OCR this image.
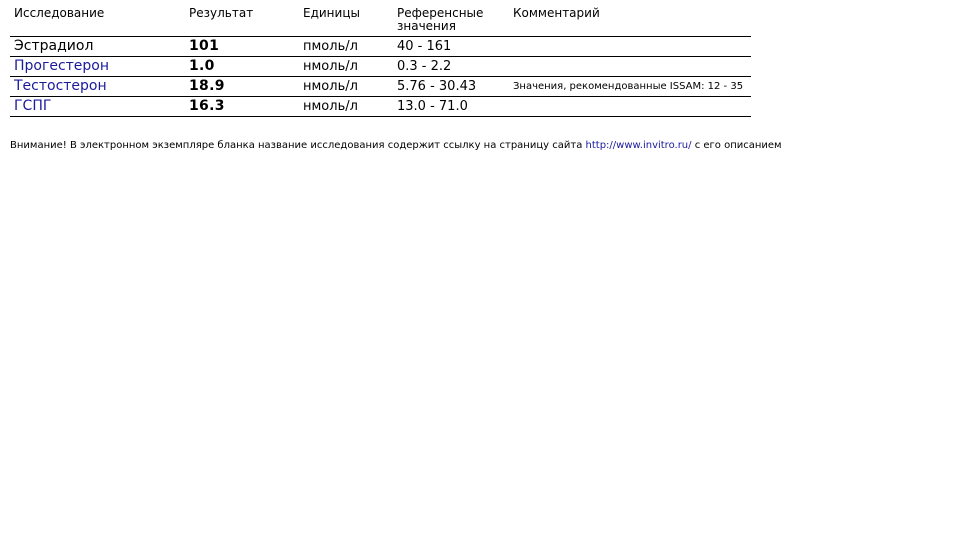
Исследование	Результат	Единицы	Референсные значения	Комментарий
Эстрадиол	101	пмоль/л	40 - 161	
Прогестерон	1.0	нмоль/л	0.3 - 2.2	
Тестостерон	18.9	нмоль/л	5.76 - 30.43	Значения, рекомендованные ISSAM: 12 - 35
ГСПГ	16.3	нмоль/л	13.0 - 71.0	
Внимание! В электронном экземпляре бланка название исследования содержит ссылку на страницу сайта http://www.invitro.ru/ с его описанием
